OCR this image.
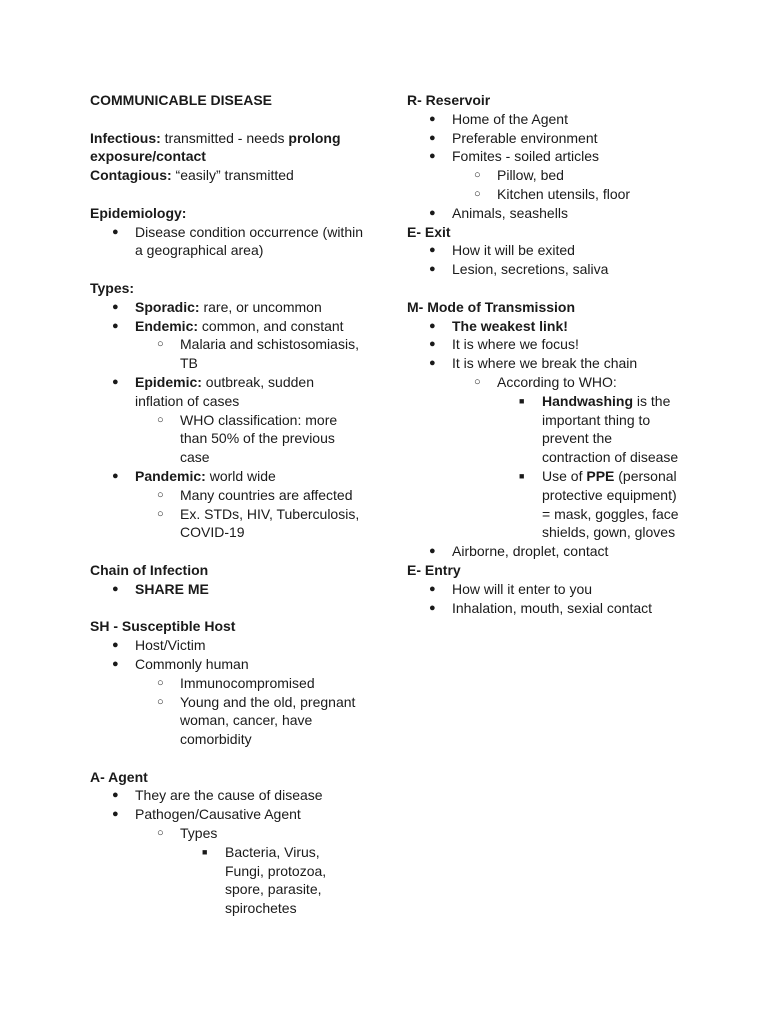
COMMUNICABLE DISEASE
Infectious: transmitted - needs prolong
exposure/contact
Contagious: “easily” transmitted
Epidemiology:
● Disease condition occurrence (within
a geographical area)
Types:
● Sporadic: rare, or uncommon
● Endemic: common, and constant
○ Malaria and schistosomiasis,
TB
● Epidemic: outbreak, sudden
inflation of cases
○ WHO classification: more
than 50% of the previous
case
● Pandemic: world wide
○ Many countries are affected
○ Ex. STDs, HIV, Tuberculosis,
COVID-19
Chain of Infection
● SHARE ME
SH - Susceptible Host
● Host/Victim
● Commonly human
○ Immunocompromised
○ Young and the old, pregnant
woman, cancer, have
comorbidity
A- Agent
● They are the cause of disease
● Pathogen/Causative Agent
○ Types
■ Bacteria, Virus,
Fungi, protozoa,
spore, parasite,
spirochetes
R- Reservoir
● Home of the Agent
● Preferable environment
● Fomites - soiled articles
○ Pillow, bed
○ Kitchen utensils, floor
● Animals, seashells
E- Exit
● How it will be exited
● Lesion, secretions, saliva
M- Mode of Transmission
● The weakest link!
● It is where we focus!
● It is where we break the chain
○ According to WHO:
■ Handwashing is the
important thing to
prevent the
contraction of disease
■ Use of PPE (personal
protective equipment)
= mask, goggles, face
shields, gown, gloves
● Airborne, droplet, contact
E- Entry
● How will it enter to you
● Inhalation, mouth, sexial contact
